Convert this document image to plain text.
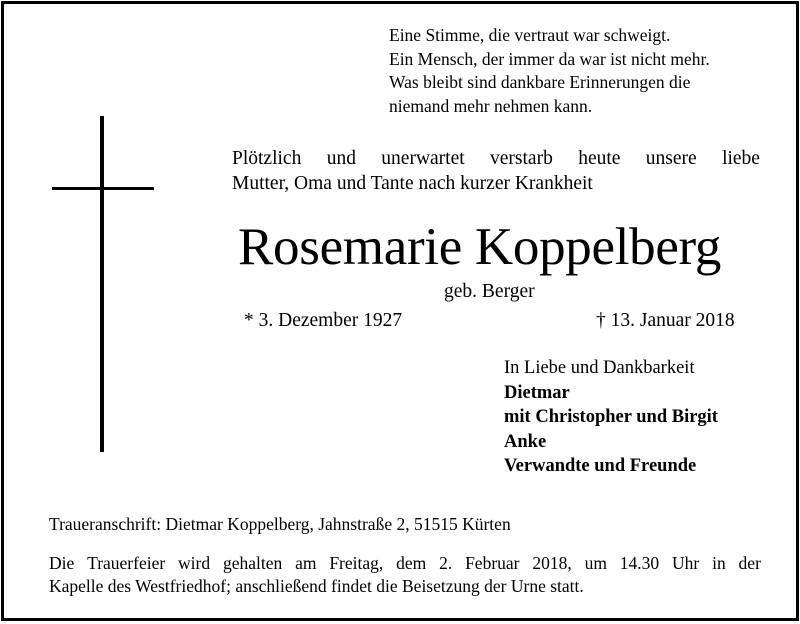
Eine Stimme, die vertraut war schweigt.
Ein Mensch, der immer da war ist nicht mehr.
Was bleibt sind dankbare Erinnerungen die
niemand mehr nehmen kann.
Plötzlich und unerwartet verstarb heute unsere liebe
Mutter, Oma und Tante nach kurzer Krankheit
Rosemarie Koppelberg
geb. Berger
* 3. Dezember 1927	† 13. Januar 2018
In Liebe und Dankbarkeit
Dietmar
mit Christopher und Birgit
Anke
Verwandte und Freunde
Traueranschrift: Dietmar Koppelberg, Jahnstraße 2, 51515 Kürten
Die Trauerfeier wird gehalten am Freitag, dem 2. Februar 2018, um 14.30 Uhr in der
Kapelle des Westfriedhof; anschließend findet die Beisetzung der Urne statt.
